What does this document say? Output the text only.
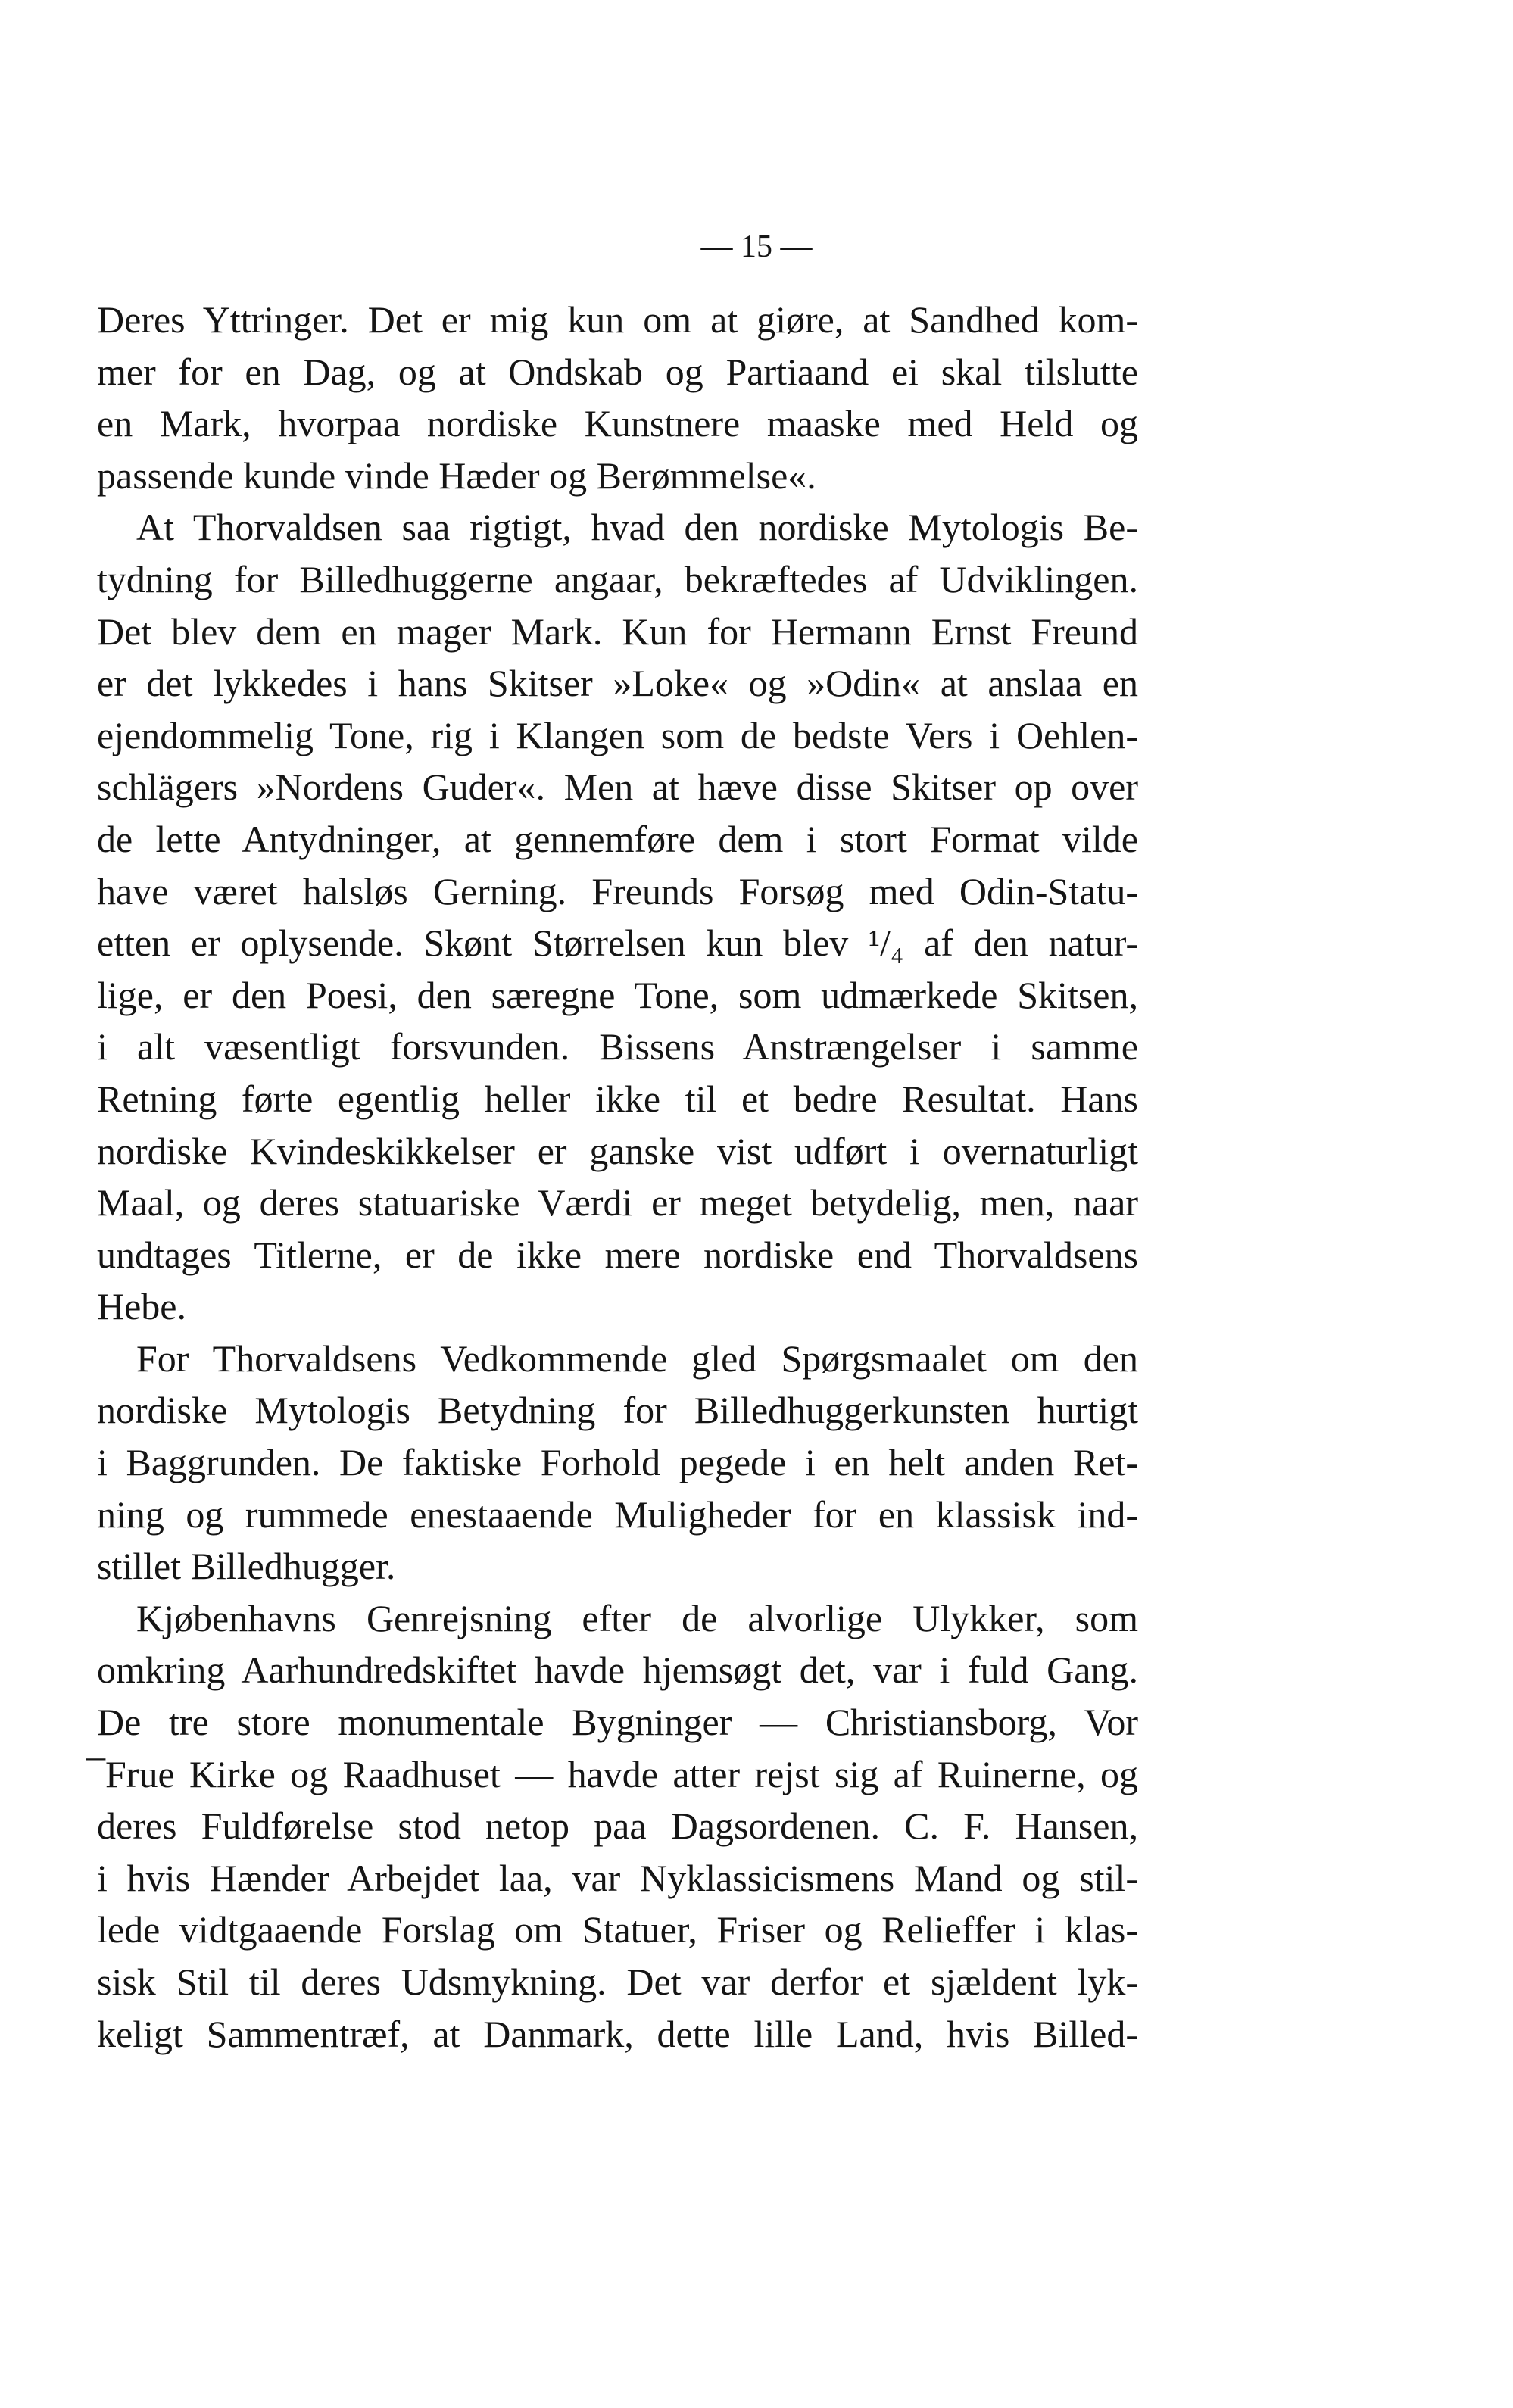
— 15 —
Deres Yttringer. Det er mig kun om at giøre, at Sandhed kom-
mer for en Dag, og at Ondskab og Partiaand ei skal tilslutte
en Mark, hvorpaa nordiske Kunstnere maaske med Held og
passende kunde vinde Hæder og Berømmelse«.
At Thorvaldsen saa rigtigt, hvad den nordiske Mytologis Be-
tydning for Billedhuggerne angaar, bekræftedes af Udviklingen.
Det blev dem en mager Mark. Kun for Hermann Ernst Freund
er det lykkedes i hans Skitser »Loke« og »Odin« at anslaa en
ejendommelig Tone, rig i Klangen som de bedste Vers i Oehlen-
schlägers »Nordens Guder«. Men at hæve disse Skitser op over
de lette Antydninger, at gennemføre dem i stort Format vilde
have været halsløs Gerning. Freunds Forsøg med Odin-Statu-
etten er oplysende. Skønt Størrelsen kun blev ¹/₄ af den natur-
lige, er den Poesi, den særegne Tone, som udmærkede Skitsen,
i alt væsentligt forsvunden. Bissens Anstrængelser i samme
Retning førte egentlig heller ikke til et bedre Resultat. Hans
nordiske Kvindeskikkelser er ganske vist udført i overnaturligt
Maal, og deres statuariske Værdi er meget betydelig, men, naar
undtages Titlerne, er de ikke mere nordiske end Thorvaldsens
Hebe.
For Thorvaldsens Vedkommende gled Spørgsmaalet om den
nordiske Mytologis Betydning for Billedhuggerkunsten hurtigt
i Baggrunden. De faktiske Forhold pegede i en helt anden Ret-
ning og rummede enestaaende Muligheder for en klassisk ind-
stillet Billedhugger.
Kjøbenhavns Genrejsning efter de alvorlige Ulykker, som
omkring Aarhundredskiftet havde hjemsøgt det, var i fuld Gang.
De tre store monumentale Bygninger — Christiansborg, Vor
¯Frue Kirke og Raadhuset — havde atter rejst sig af Ruinerne, og
deres Fuldførelse stod netop paa Dagsordenen. C. F. Hansen,
i hvis Hænder Arbejdet laa, var Nyklassicismens Mand og stil-
lede vidtgaaende Forslag om Statuer, Friser og Relieffer i klas-
sisk Stil til deres Udsmykning. Det var derfor et sjældent lyk-
keligt Sammentræf, at Danmark, dette lille Land, hvis Billed-
